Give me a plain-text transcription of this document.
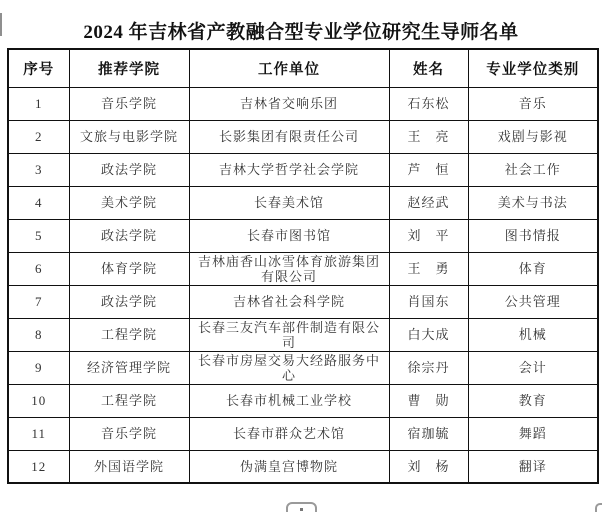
2024 年吉林省产教融合型专业学位研究生导师名单
序号	推荐学院	工作单位	姓名	专业学位类别
1	音乐学院	吉林省交响乐团	石东松	音乐
2	文旅与电影学院	长影集团有限责任公司	王　亮	戏剧与影视
3	政法学院	吉林大学哲学社会学院	芦　恒	社会工作
4	美术学院	长春美术馆	赵经武	美术与书法
5	政法学院	长春市图书馆	刘　平	图书情报
6	体育学院	吉林庙香山冰雪体育旅游集团有限公司	王　勇	体育
7	政法学院	吉林省社会科学院	肖国东	公共管理
8	工程学院	长春三友汽车部件制造有限公司	白大成	机械
9	经济管理学院	长春市房屋交易大经路服务中心	徐宗丹	会计
10	工程学院	长春市机械工业学校	曹　勋	教育
11	音乐学院	长春市群众艺术馆	宿珈毓	舞蹈
12	外国语学院	伪满皇宫博物院	刘　杨	翻译
